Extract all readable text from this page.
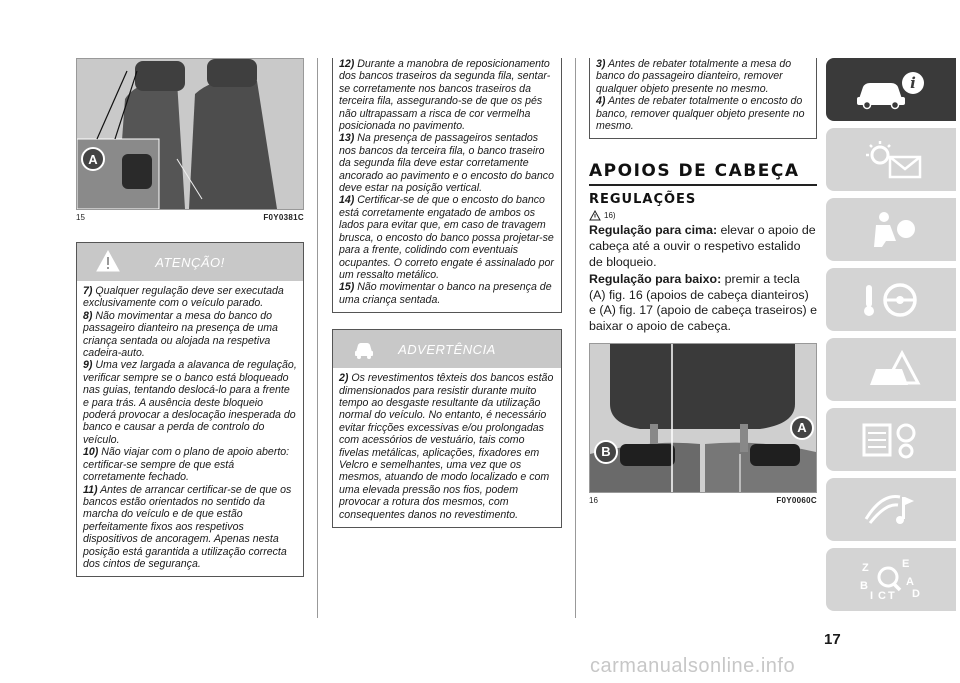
A
15	F0Y0381C
ATENÇÃO!

7) Qualquer regulação deve ser executada exclusivamente com o veículo parado.

8) Não movimentar a mesa do banco do passageiro dianteiro na presença de uma criança sentada ou alojada na respetiva cadeira-auto.

9) Uma vez largada a alavanca de regulação, verificar sempre se o banco está bloqueado nas guias, tentando deslocá-lo para a frente e para trás. A ausência deste bloqueio poderá provocar a deslocação inesperada do banco e causar a perda de controlo do veículo.

10) Não viajar com o plano de apoio aberto: certificar-se sempre de que está corretamente fechado.

11) Antes de arrancar certificar-se de que os bancos estão orientados no sentido da marcha do veículo e de que estão perfeitamente fixos aos respetivos dispositivos de ancoragem. Apenas nesta posição está garantida a utilização correcta dos cintos de segurança.

12) Durante a manobra de reposicionamento dos bancos traseiros da segunda fila, sentar-se corretamente nos bancos traseiros da terceira fila, assegurando-se de que os pés não ultrapassam a risca de cor vermelha posicionada no pavimento.

13) Na presença de passageiros sentados nos bancos da terceira fila, o banco traseiro da segunda fila deve estar corretamente ancorado ao pavimento e o encosto do banco deve estar na posição vertical.

14) Certificar-se de que o encosto do banco está corretamente engatado de ambos os lados para evitar que, em caso de travagem brusca, o encosto do banco possa projetar-se para a frente, colidindo com eventuais ocupantes. O correto engate é assinalado por um ressalto metálico.

15) Não movimentar o banco na presença de uma criança sentada.

ADVERTÊNCIA

2) Os revestimentos têxteis dos bancos estão dimensionados para resistir durante muito tempo ao desgaste resultante da utilização normal do veículo. No entanto, é necessário evitar fricções excessivas e/ou prolongadas com acessórios de vestuário, tais como fivelas metálicas, aplicações, fixadores em Velcro e semelhantes, uma vez que os mesmos, atuando de modo localizado e com uma elevada pressão nos fios, podem provocar a rotura dos mesmos, com consequentes danos no revestimento.

3) Antes de rebater totalmente a mesa do banco do passageiro dianteiro, remover qualquer objeto presente no mesmo.

4) Antes de rebater totalmente o encosto do banco, remover qualquer objeto presente no mesmo.

APOIOS DE CABEÇA
REGULAÇÕES
16)

Regulação para cima: elevar o apoio de cabeça até a ouvir o respetivo estalido de bloqueio.

Regulação para baixo: premir a tecla (A) fig. 16 (apoios de cabeça dianteiros) e (A) fig. 17 (apoio de cabeça traseiros) e baixar o apoio de cabeça.

B
A
16	F0Y0060C
i
Z	E
B	A
I C T D
17
carmanualsonline.info
